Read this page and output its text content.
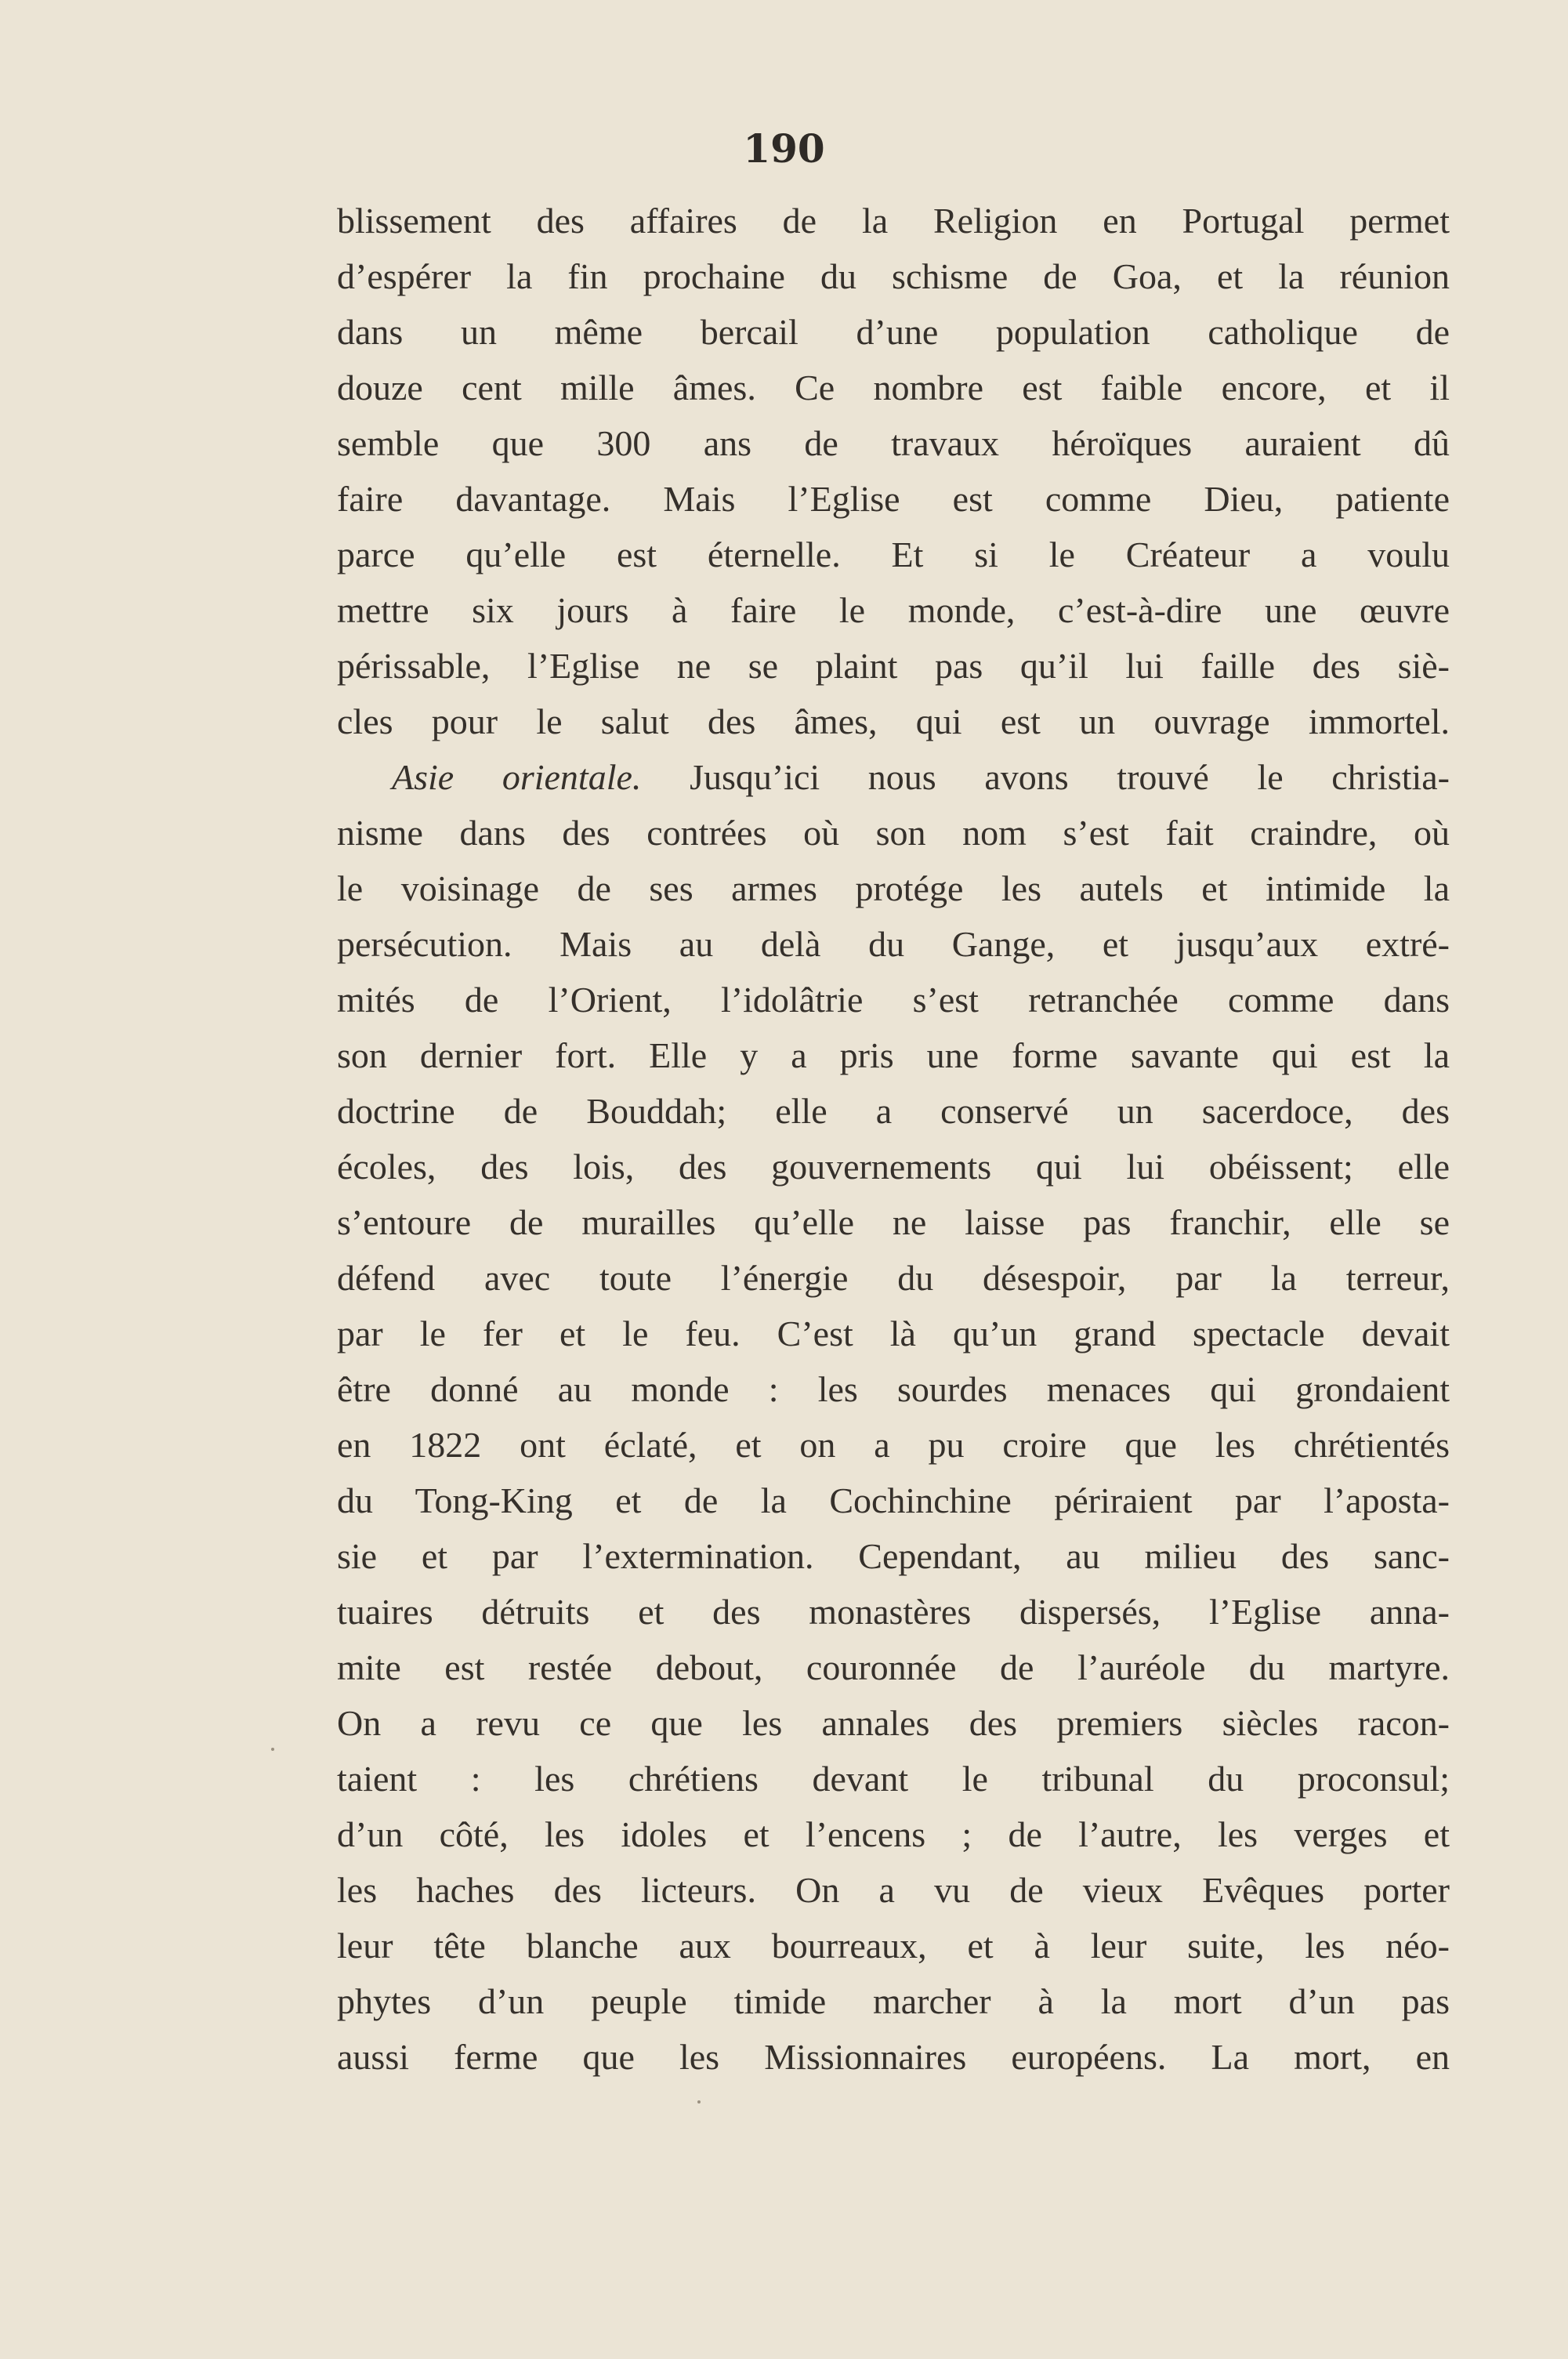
190
blissement des affaires de la Religion en Portugal permet
d’espérer la fin prochaine du schisme de Goa, et la réunion
dans un même bercail d’une population catholique de
douze cent mille âmes. Ce nombre est faible encore, et il
semble que 300 ans de travaux héroïques auraient dû
faire davantage. Mais l’Eglise est comme Dieu, patiente
parce qu’elle est éternelle. Et si le Créateur a voulu
mettre six jours à faire le monde, c’est-à-dire une œuvre
périssable, l’Eglise ne se plaint pas qu’il lui faille des siè-
cles pour le salut des âmes, qui est un ouvrage immortel.
Asie orientale. Jusqu’ici nous avons trouvé le christia-
nisme dans des contrées où son nom s’est fait craindre, où
le voisinage de ses armes protége les autels et intimide la
persécution. Mais au delà du Gange, et jusqu’aux extré-
mités de l’Orient, l’idolâtrie s’est retranchée comme dans
son dernier fort. Elle y a pris une forme savante qui est la
doctrine de Bouddah; elle a conservé un sacerdoce, des
écoles, des lois, des gouvernements qui lui obéissent; elle
s’entoure de murailles qu’elle ne laisse pas franchir, elle se
défend avec toute l’énergie du désespoir, par la terreur,
par le fer et le feu. C’est là qu’un grand spectacle devait
être donné au monde : les sourdes menaces qui grondaient
en 1822 ont éclaté, et on a pu croire que les chrétientés
du Tong-King et de la Cochinchine périraient par l’aposta-
sie et par l’extermination. Cependant, au milieu des sanc-
tuaires détruits et des monastères dispersés, l’Eglise anna-
mite est restée debout, couronnée de l’auréole du martyre.
On a revu ce que les annales des premiers siècles racon-
taient : les chrétiens devant le tribunal du proconsul;
d’un côté, les idoles et l’encens ; de l’autre, les verges et
les haches des licteurs. On a vu de vieux Evêques porter
leur tête blanche aux bourreaux, et à leur suite, les néo-
phytes d’un peuple timide marcher à la mort d’un pas
aussi ferme que les Missionnaires européens. La mort, en
